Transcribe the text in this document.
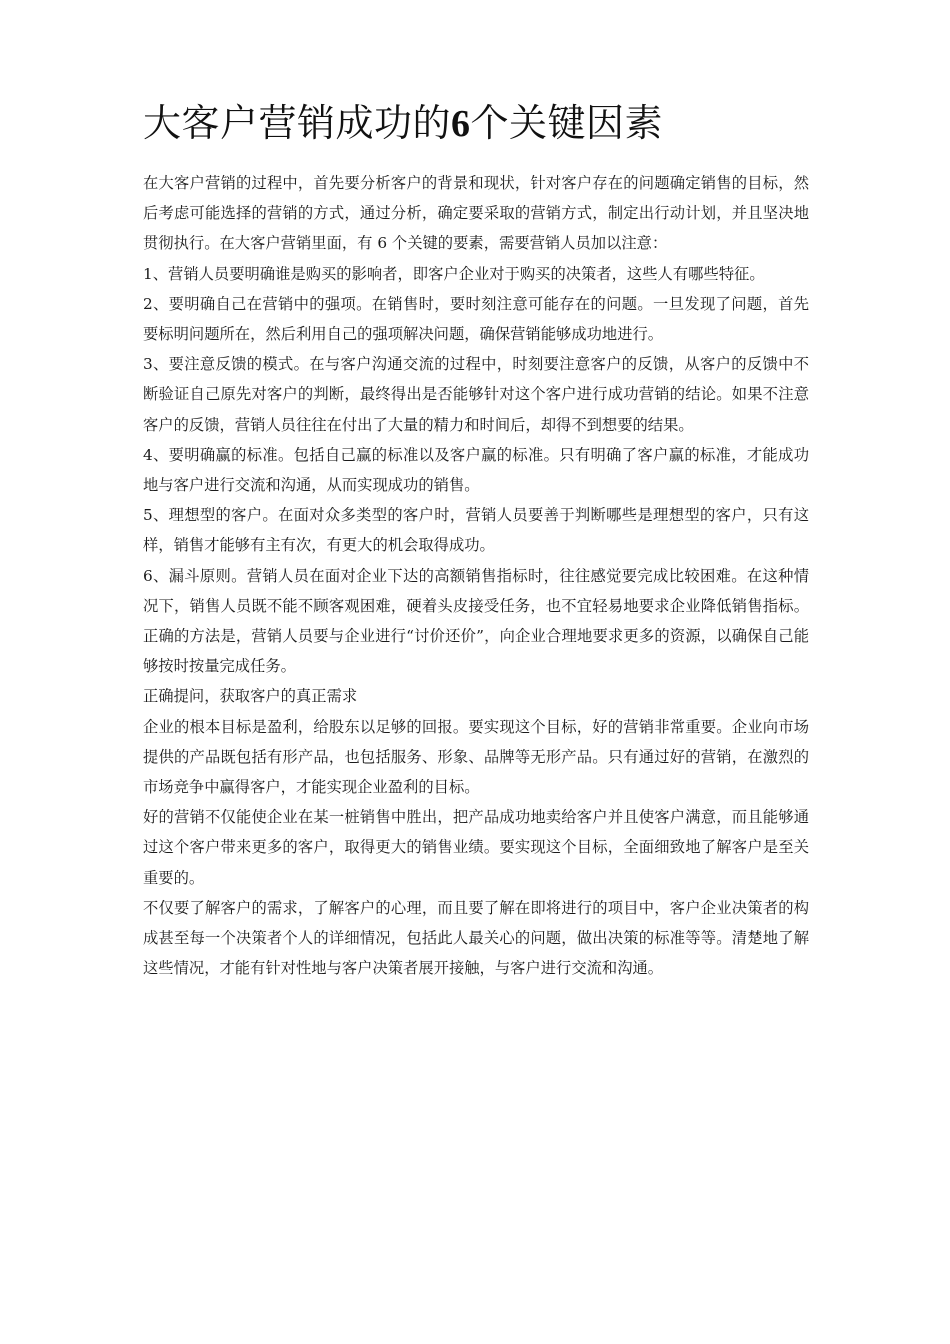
大客户营销成功的6个关键因素

在大客户营销的过程中，首先要分析客户的背景和现状，针对客户存在的问题确定销售的目标，然后考虑可能选择的营销的方式，通过分析，确定要采取的营销方式，制定出行动计划，并且坚决地贯彻执行。在大客户营销里面，有 6 个关键的要素，需要营销人员加以注意：

1、营销人员要明确谁是购买的影响者，即客户企业对于购买的决策者，这些人有哪些特征。

2、要明确自己在营销中的强项。在销售时，要时刻注意可能存在的问题。一旦发现了问题，首先要标明问题所在，然后利用自己的强项解决问题，确保营销能够成功地进行。

3、要注意反馈的模式。在与客户沟通交流的过程中，时刻要注意客户的反馈，从客户的反馈中不断验证自己原先对客户的判断，最终得出是否能够针对这个客户进行成功营销的结论。如果不注意客户的反馈，营销人员往往在付出了大量的精力和时间后，却得不到想要的结果。

4、要明确赢的标准。包括自己赢的标准以及客户赢的标准。只有明确了客户赢的标准，才能成功地与客户进行交流和沟通，从而实现成功的销售。

5、理想型的客户。在面对众多类型的客户时，营销人员要善于判断哪些是理想型的客户，只有这样，销售才能够有主有次，有更大的机会取得成功。

6、漏斗原则。营销人员在面对企业下达的高额销售指标时，往往感觉要完成比较困难。在这种情况下，销售人员既不能不顾客观困难，硬着头皮接受任务，也不宜轻易地要求企业降低销售指标。正确的方法是，营销人员要与企业进行“讨价还价”，向企业合理地要求更多的资源，以确保自己能够按时按量完成任务。

正确提问，获取客户的真正需求

企业的根本目标是盈利，给股东以足够的回报。要实现这个目标，好的营销非常重要。企业向市场提供的产品既包括有形产品，也包括服务、形象、品牌等无形产品。只有通过好的营销，在激烈的市场竞争中赢得客户，才能实现企业盈利的目标。

好的营销不仅能使企业在某一桩销售中胜出，把产品成功地卖给客户并且使客户满意，而且能够通过这个客户带来更多的客户，取得更大的销售业绩。要实现这个目标，全面细致地了解客户是至关重要的。

不仅要了解客户的需求，了解客户的心理，而且要了解在即将进行的项目中，客户企业决策者的构成甚至每一个决策者个人的详细情况，包括此人最关心的问题，做出决策的标准等等。清楚地了解这些情况，才能有针对性地与客户决策者展开接触，与客户进行交流和沟通。
